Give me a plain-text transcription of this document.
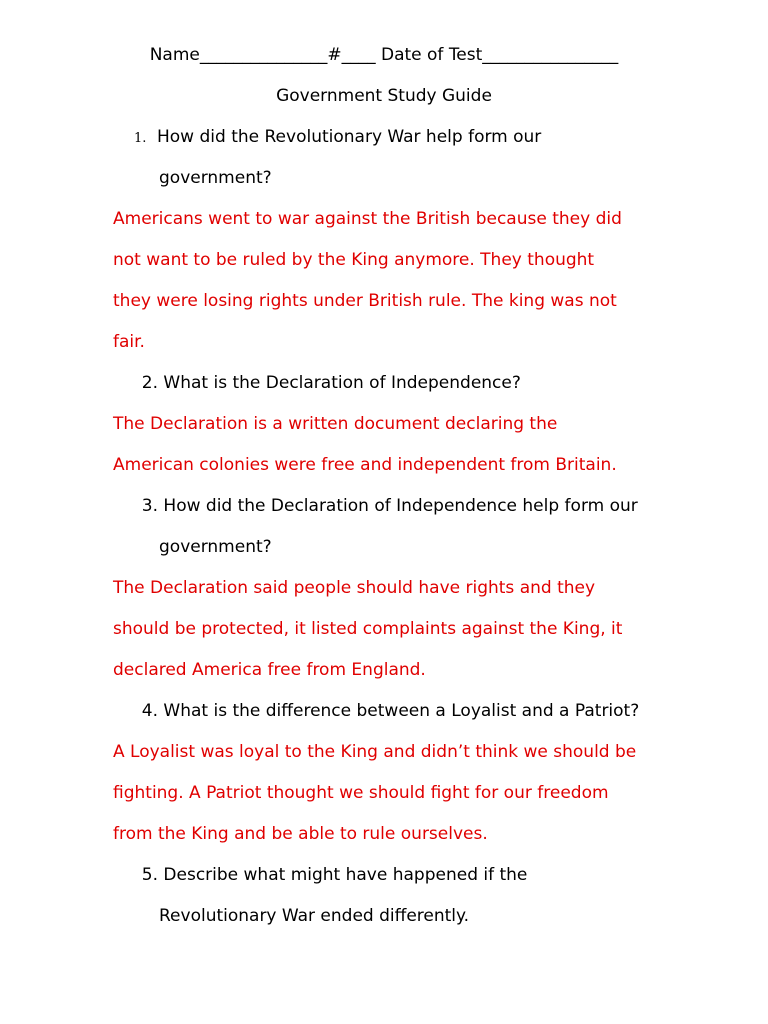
Name_______________#____ Date of Test________________

Government Study Guide

1. How did the Revolutionary War help form our

government?

Americans went to war against the British because they did

not want to be ruled by the King anymore. They thought

they were losing rights under British rule. The king was not

fair.

2. What is the Declaration of Independence?

The Declaration is a written document declaring the

American colonies were free and independent from Britain.

3. How did the Declaration of Independence help form our

government?

The Declaration said people should have rights and they

should be protected, it listed complaints against the King, it

declared America free from England.

4. What is the difference between a Loyalist and a Patriot?

A Loyalist was loyal to the King and didn’t think we should be

fighting. A Patriot thought we should fight for our freedom

from the King and be able to rule ourselves.

5. Describe what might have happened if the

Revolutionary War ended differently.
